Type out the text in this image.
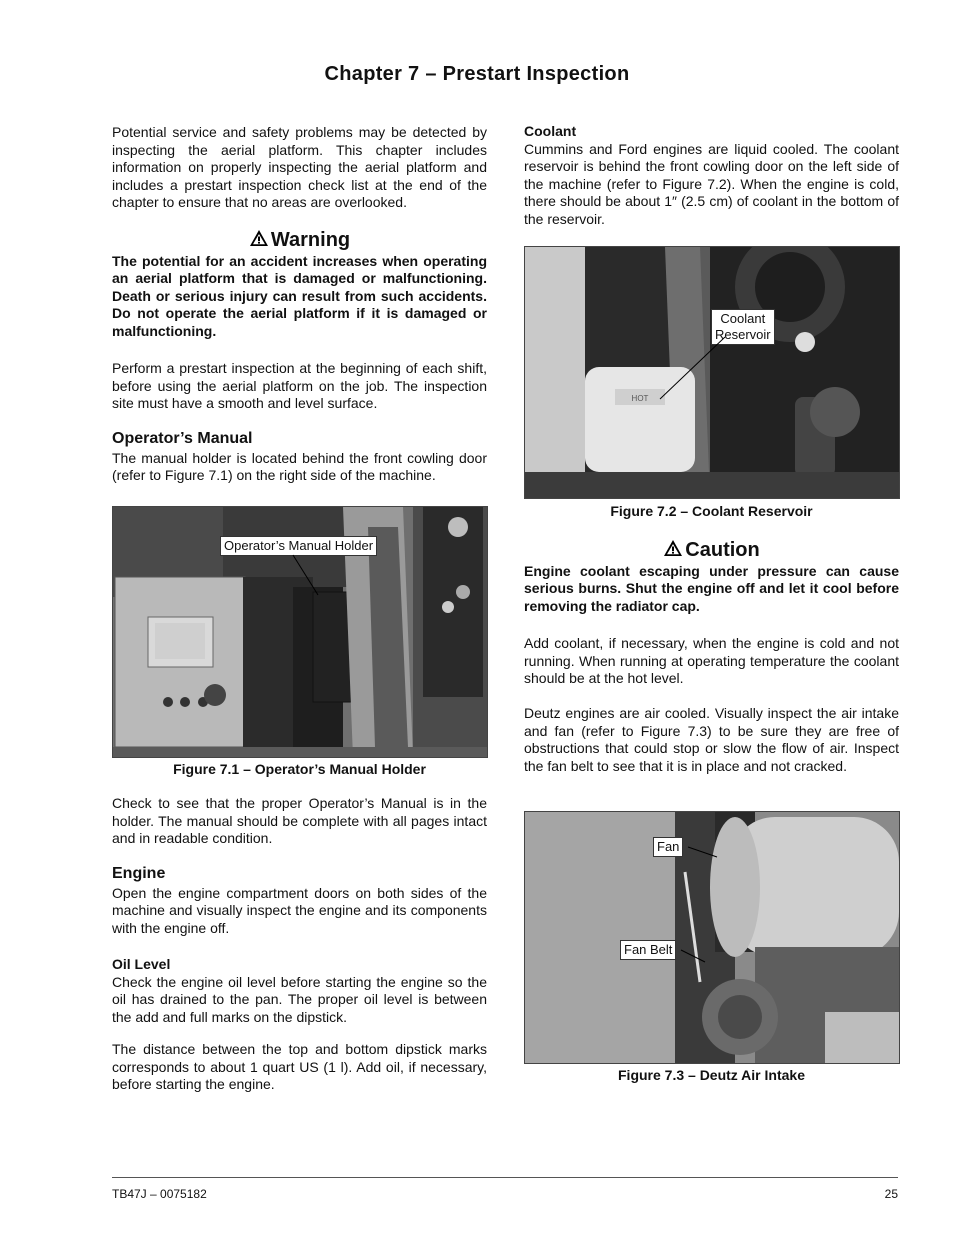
Chapter 7 – Prestart Inspection

Potential service and safety problems may be detected by inspecting the aerial platform. This chapter includes information on properly inspecting the aerial platform and includes a prestart inspection check list at the end of the chapter to ensure that no areas are overlooked.

Warning

The potential for an accident increases when operating an aerial platform that is damaged or malfunctioning. Death or serious injury can result from such accidents. Do not operate the aerial platform if it is damaged or malfunctioning.

Perform a prestart inspection at the beginning of each shift, before using the aerial platform on the job. The inspection site must have a smooth and level surface.

Operator’s Manual

The manual holder is located behind the front cowling door (refer to Figure 7.1) on the right side of the machine.

Operator’s Manual Holder
Figure 7.1 – Operator’s Manual Holder

Check to see that the proper Operator’s Manual is in the holder. The manual should be complete with all pages intact and in readable condition.

Engine

Open the engine compartment doors on both sides of the machine and visually inspect the engine and its components with the engine off.

Oil Level

Check the engine oil level before starting the engine so the oil has drained to the pan. The proper oil level is between the add and full marks on the dipstick.

The distance between the top and bottom dipstick marks corresponds to about 1 quart US (1 l). Add oil, if necessary, before starting the engine.

Coolant

Cummins and Ford engines are liquid cooled. The coolant reservoir is behind the front cowling door on the left side of the machine (refer to Figure 7.2). When the engine is cold, there should be about 1″ (2.5 cm) of coolant in the bottom of the reservoir.

HOT
Coolant
Reservoir
Figure 7.2 – Coolant Reservoir
Caution

Engine coolant escaping under pressure can cause serious burns. Shut the engine off and let it cool before removing the radiator cap.

Add coolant, if necessary, when the engine is cold and not running. When running at operating temperature the coolant should be at the hot level.

Deutz engines are air cooled. Visually inspect the air intake and fan (refer to Figure 7.3) to be sure they are free of obstructions that could stop or slow the flow of air. Inspect the fan belt to see that it is in place and not cracked.

Fan
Fan Belt
Figure 7.3 – Deutz Air Intake
TB47J – 0075182	25
